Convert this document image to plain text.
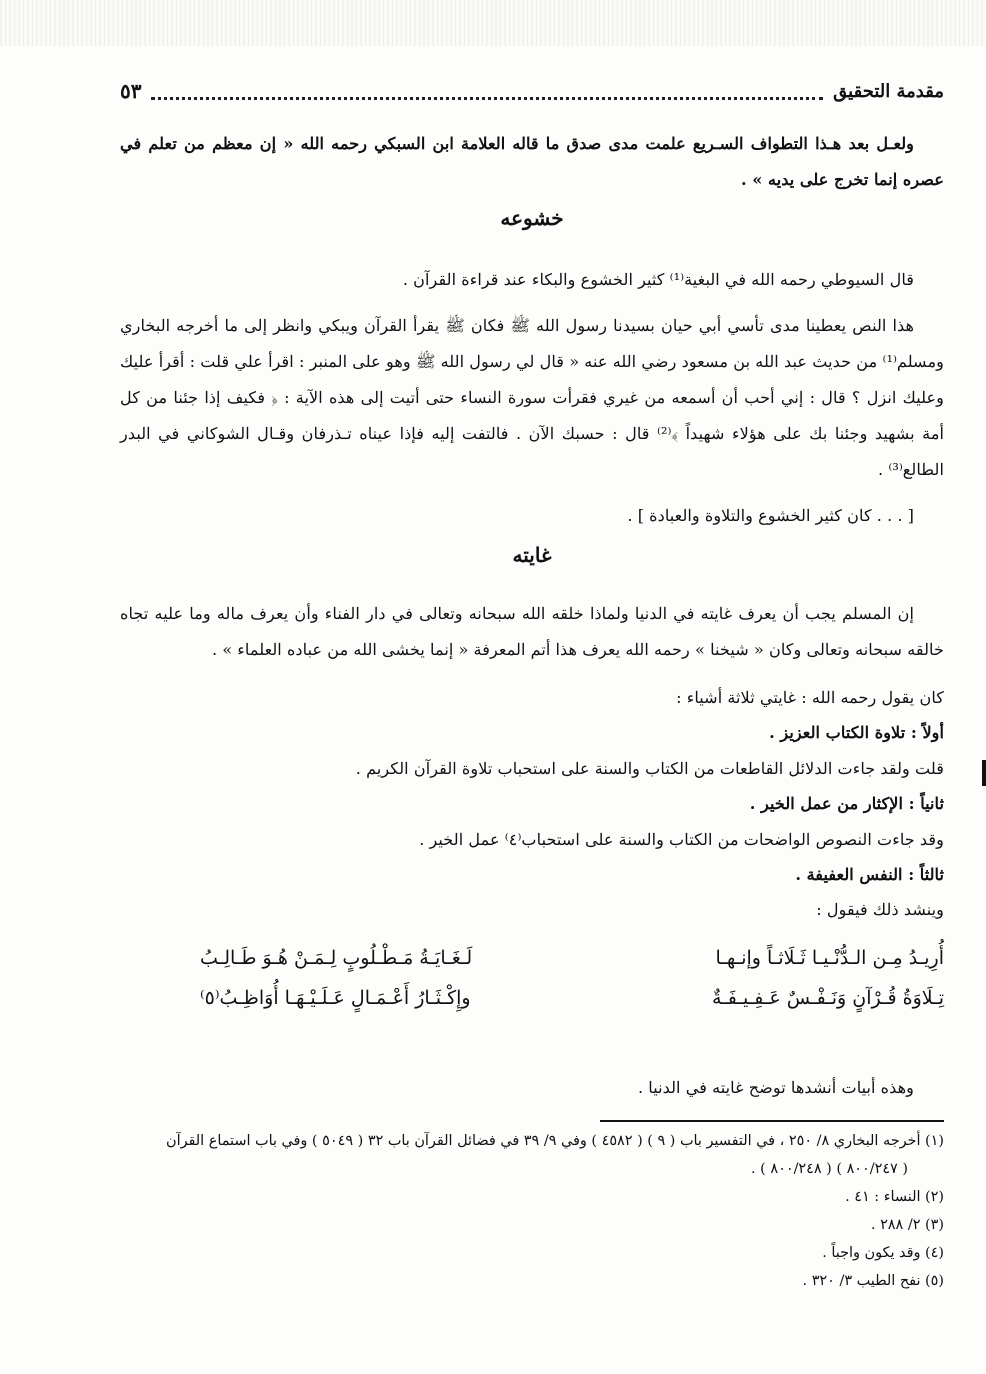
مقدمة التحقيق
٥٣

ولعـل بعد هـذا التطواف السـريع علمت مدى صدق ما قاله العلامة ابن السبكي رحمه الله « إن معظم من تعلم في عصره إنما تخرج على يديه » .

خشوعه

قال السيوطي رحمه الله في البغية⁽¹⁾ كثير الخشوع والبكاء عند قراءة القرآن .

هذا النص يعطينا مدى تأسي أبي حيان بسيدنا رسول الله ﷺ فكان ﷺ يقرأ القرآن ويبكي وانظر إلى ما أخرجه البخاري ومسلم⁽¹⁾ من حديث عبد الله بن مسعود رضي الله عنه « قال لي رسول الله ﷺ وهو على المنبر : اقرأ علي قلت : أقرأ عليك وعليك انزل ؟ قال : إني أحب أن أسمعه من غيري فقرأت سورة النساء حتى أتيت إلى هذه الآية : ﴿ فكيف إذا جئنا من كل أمة بشهيد وجئنا بك على هؤلاء شهيداً ﴾⁽²⁾ قال : حسبك الآن . فالتفت إليه فإذا عيناه تـذرفان وقـال الشوكاني في البدر الطالع⁽³⁾ .

[ . . . كان كثير الخشوع والتلاوة والعبادة ] .

غايته

إن المسلم يجب أن يعرف غايته في الدنيا ولماذا خلقه الله سبحانه وتعالى في دار الفناء وأن يعرف ماله وما عليه تجاه خالقه سبحانه وتعالى وكان « شيخنا » رحمه الله يعرف هذا أتم المعرفة « إنما يخشى الله من عباده العلماء » .

كان يقول رحمه الله : غايتي ثلاثة أشياء :
أولاً : تلاوة الكتاب العزيز .
قلت ولقد جاءت الدلائل القاطعات من الكتاب والسنة على استحباب تلاوة القرآن الكريم .
ثانياً : الإكثار من عمل الخير .
وقد جاءت النصوص الواضحات من الكتاب والسنة على استحباب⁽٤⁾ عمل الخير .
ثالثاً : النفس العفيفة .
وينشد ذلك فيقول :
أُرِيـدُ مِـن الـدُّنْـيـا ثَـلَاثـاً وإنـهـا
لَـغَـايَـةُ مَـطْـلُوبٍ لِـمَـنْ هُـوَ طَـالِـبُ
تِـلَاوَةُ قُـرْآنٍ وَنَـفْـسٌ عَـفِـيـفَـةٌ
وإِكْـثَـارُ أَعْـمَـالٍ عَـلَـيْـهَـا أُوَاظِـبُ⁽٥⁾

وهذه أبيات أنشدها توضح غايته في الدنيا .

(١) أخرجه البخاري ٨/ ٢٥٠ ، في التفسير باب ( ٩ ) ( ٤٥٨٢ ) وفي ٩/ ٣٩ في فضائل القرآن باب ٣٢ ( ٥٠٤٩ ) وفي باب استماع القرآن
( ٨٠٠/٢٤٧ ) ( ٨٠٠/٢٤٨ ) .
(٢) النساء : ٤١ .
(٣) ٢/ ٢٨٨ .
(٤) وقد يكون واجباً .
(٥) نفح الطيب ٣/ ٣٢٠ .
